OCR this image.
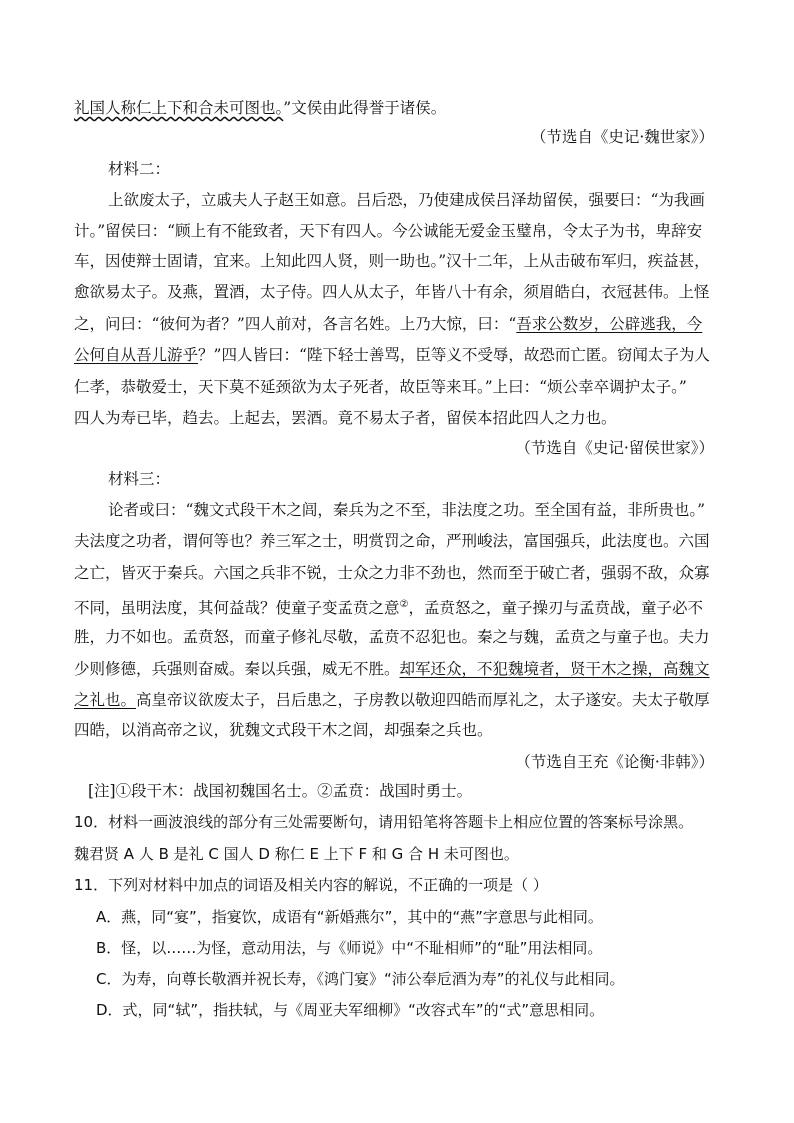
礼国人称仁上下和合未可图也。”文侯由此得誉于诸侯。
（节选自《史记·魏世家》）
材料二：
上欲废太子，立戚夫人子赵王如意。吕后恐，乃使建成侯吕泽劫留侯，强要曰：“为我画
计。”留侯曰：“顾上有不能致者，天下有四人。今公诚能无爱金玉璧帛，令太子为书，卑辞安
车，因使辩士固请，宜来。上知此四人贤，则一助也。”汉十二年，上从击破布军归，疾益甚，
愈欲易太子。及燕，置酒，太子侍。四人从太子，年皆八十有余，须眉皓白，衣冠甚伟。上怪
之，问曰：“彼何为者？”四人前对，各言名姓。上乃大惊，曰：“吾求公数岁，公辟逃我，今
公何自从吾儿游乎？”四人皆曰：“陛下轻士善骂，臣等义不受辱，故恐而亡匿。窃闻太子为人
仁孝，恭敬爱士，天下莫不延颈欲为太子死者，故臣等来耳。”上曰：“烦公幸卒调护太子。”
四人为寿已毕，趋去。上起去，罢酒。竟不易太子者，留侯本招此四人之力也。
（节选自《史记·留侯世家》）
材料三：
论者或曰：“魏文式段干木之闾，秦兵为之不至，非法度之功。至全国有益，非所贵也。”
夫法度之功者，谓何等也？养三军之士，明赏罚之命，严刑峻法，富国强兵，此法度也。六国
之亡，皆灭于秦兵。六国之兵非不锐，士众之力非不劲也，然而至于破亡者，强弱不敌，众寡
不同，虽明法度，其何益哉？使童子变孟贲之意②，孟贲怒之，童子操刃与孟贲战，童子必不
胜，力不如也。孟贲怒，而童子修礼尽敬，孟贲不忍犯也。秦之与魏，孟贲之与童子也。夫力
少则修德，兵强则奋威。秦以兵强，威无不胜。却军还众，不犯魏境者，贤干木之操，高魏文
之礼也。高皇帝议欲废太子，吕后患之，子房教以敬迎四皓而厚礼之，太子遂安。夫太子敬厚
四皓，以消高帝之议，犹魏文式段干木之闾，却强秦之兵也。
（节选自王充《论衡·非韩》）
[注]①段干木：战国初魏国名士。②孟贲：战国时勇士。
10．材料一画波浪线的部分有三处需要断句，请用铅笔将答题卡上相应位置的答案标号涂黑。
魏君贤 A 人 B 是礼 C 国人 D 称仁 E 上下 F 和 G 合 H 未可图也。
11．下列对材料中加点的词语及相关内容的解说，不正确的一项是（ ）
A．燕，同“宴”，指宴饮，成语有“新婚燕尔”，其中的“燕”字意思与此相同。
B．怪，以……为怪，意动用法，与《师说》中“不耻相师”的“耻”用法相同。
C．为寿，向尊长敬酒并祝长寿，《鸿门宴》“沛公奉卮酒为寿”的礼仪与此相同。
D．式，同“轼”，指扶轼，与《周亚夫军细柳》“改容式车”的“式”意思相同。
